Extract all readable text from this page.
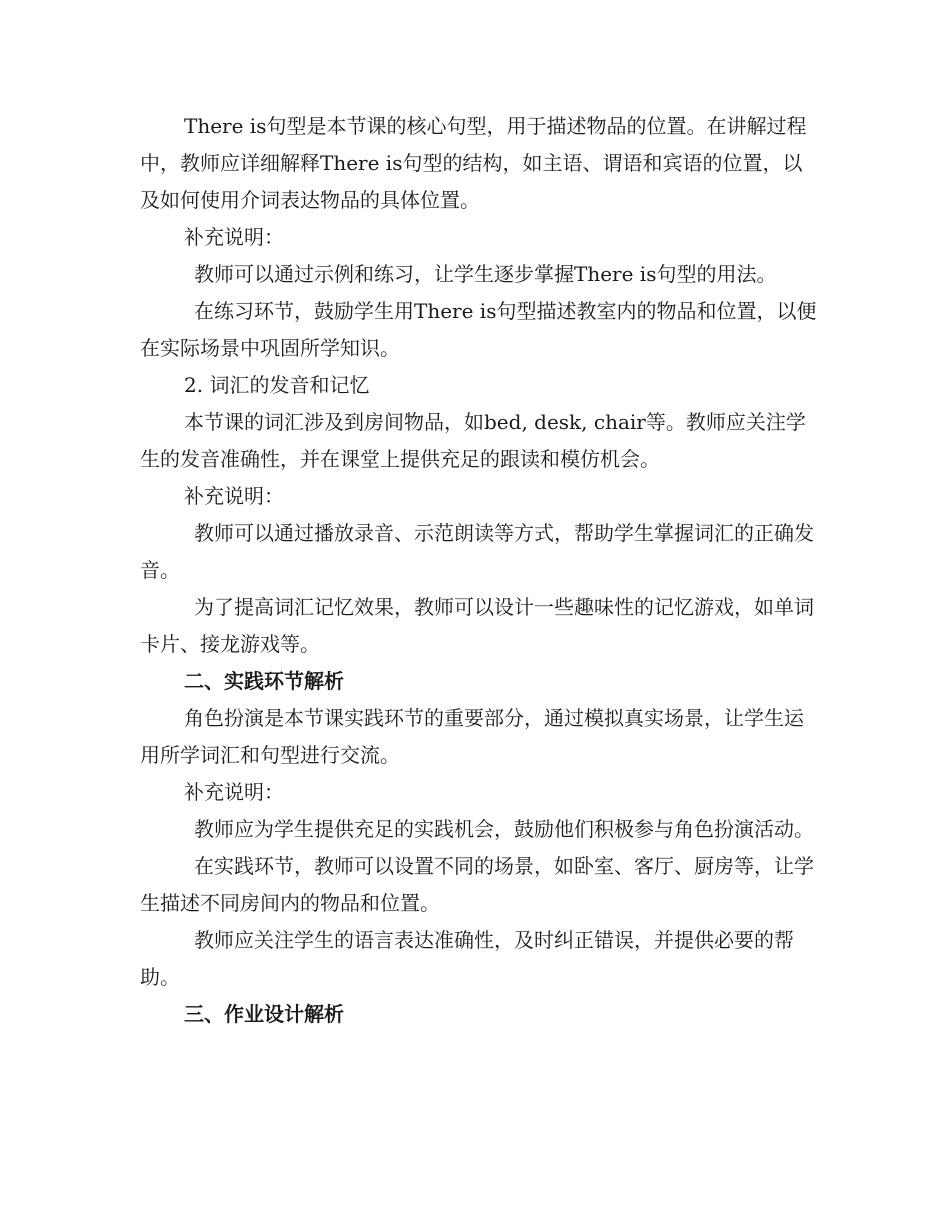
There is句型是本节课的核心句型，用于描述物品的位置。在讲解过程中，教师应详细解释There is句型的结构，如主语、谓语和宾语的位置，以及如何使用介词表达物品的具体位置。

补充说明：

教师可以通过示例和练习，让学生逐步掌握There is句型的用法。

在练习环节，鼓励学生用There is句型描述教室内的物品和位置，以便在实际场景中巩固所学知识。

2. 词汇的发音和记忆

本节课的词汇涉及到房间物品，如bed, desk, chair等。教师应关注学生的发音准确性，并在课堂上提供充足的跟读和模仿机会。

补充说明：

教师可以通过播放录音、示范朗读等方式，帮助学生掌握词汇的正确发音。

为了提高词汇记忆效果，教师可以设计一些趣味性的记忆游戏，如单词卡片、接龙游戏等。

二、实践环节解析

角色扮演是本节课实践环节的重要部分，通过模拟真实场景，让学生运用所学词汇和句型进行交流。

补充说明：

教师应为学生提供充足的实践机会，鼓励他们积极参与角色扮演活动。

在实践环节，教师可以设置不同的场景，如卧室、客厅、厨房等，让学生描述不同房间内的物品和位置。

教师应关注学生的语言表达准确性，及时纠正错误，并提供必要的帮助。

三、作业设计解析
